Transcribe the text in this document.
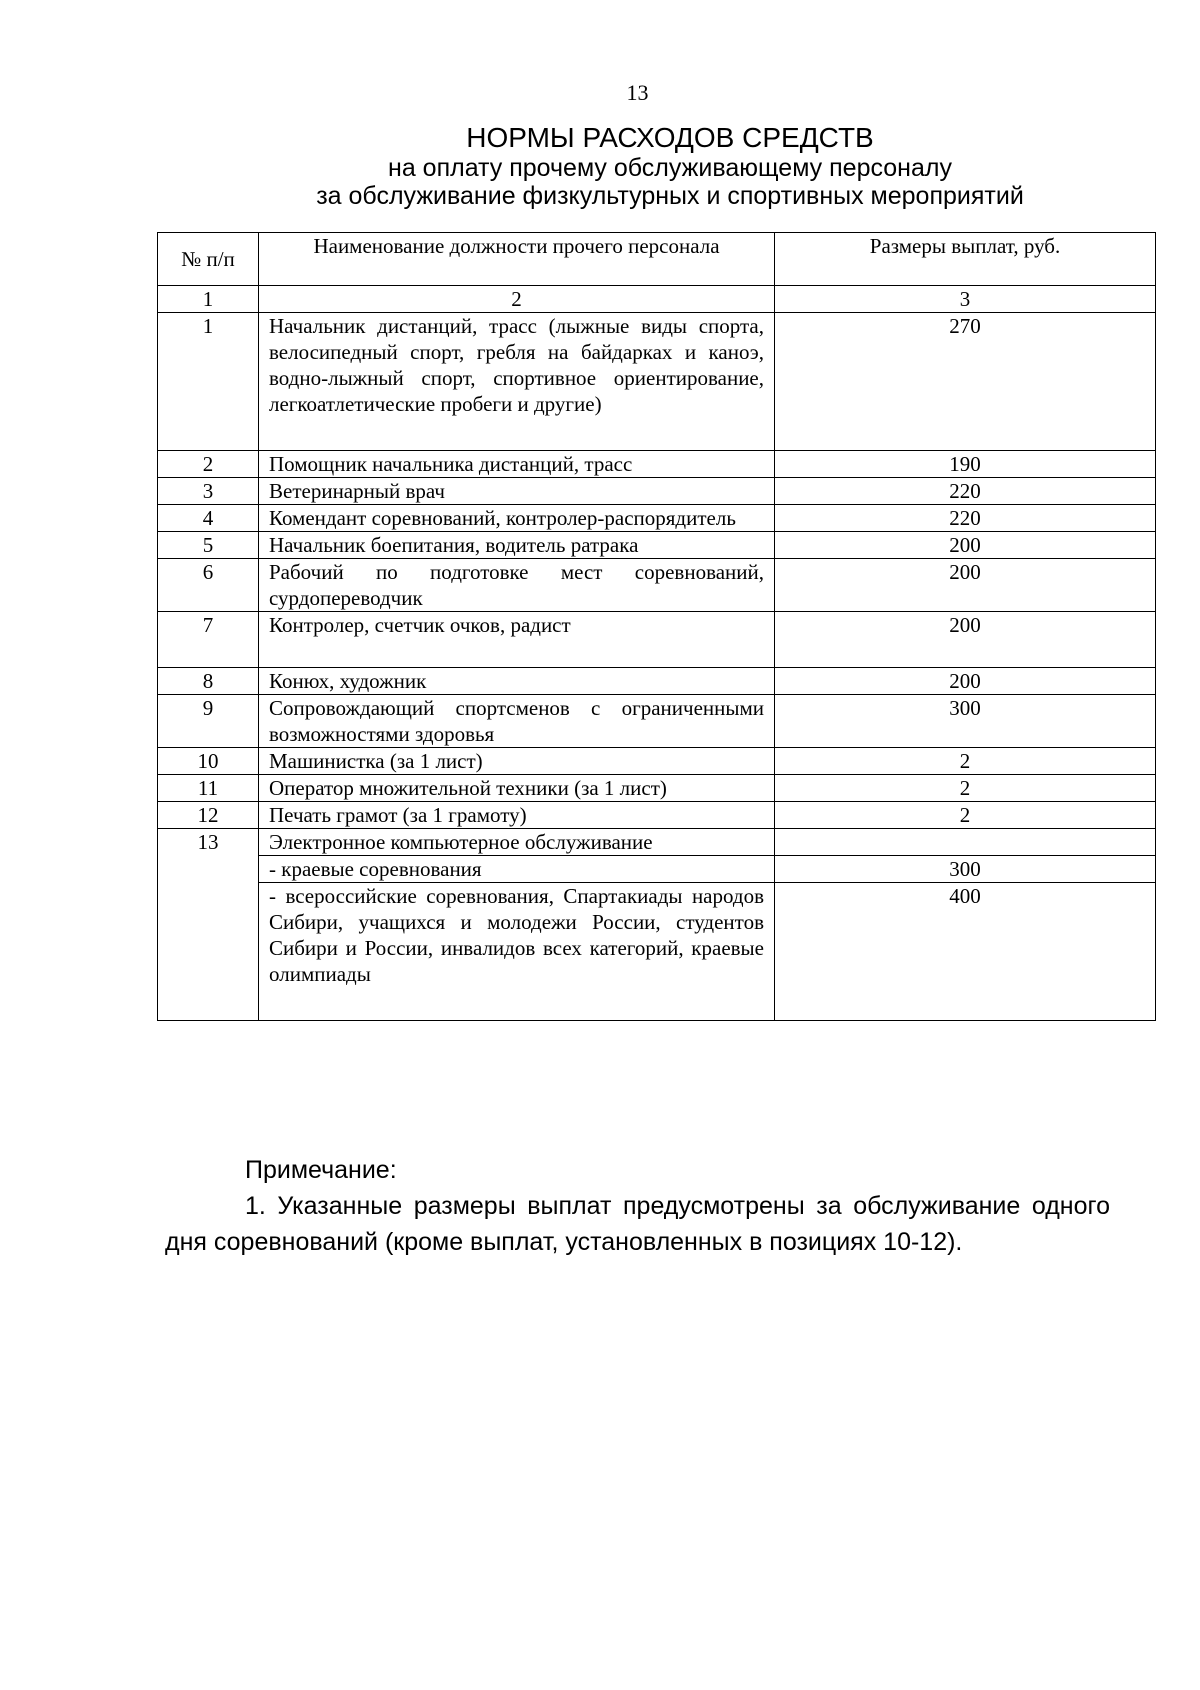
13
НОРМЫ РАСХОДОВ СРЕДСТВ
на оплату прочему обслуживающему персоналу
за обслуживание физкультурных и спортивных мероприятий
№ п/п	Наименование должности прочего персонала	Размеры выплат, руб.
1	2	3
1	Начальник дистанций, трасс (лыжные виды спорта, велосипедный спорт, гребля на байдарках и каноэ, водно-лыжный спорт, спортивное ориентирование, легкоатлетические пробеги и другие)	270
2	Помощник начальника дистанций, трасс	190
3	Ветеринарный врач	220
4	Комендант соревнований, контролер-распорядитель	220
5	Начальник боепитания, водитель ратрака	200
6	Рабочий по подготовке мест соревнований, сурдопереводчик	200
7	Контролер, счетчик очков, радист	200
8	Конюх, художник	200
9	Сопровождающий спортсменов с ограниченными возможностями здоровья	300
10	Машинистка (за 1 лист)	2
11	Оператор множительной техники (за 1 лист)	2
12	Печать грамот (за 1 грамоту)	2
13	Электронное компьютерное обслуживание	
	- краевые соревнования	300
	- всероссийские соревнования, Спартакиады народов Сибири, учащихся и молодежи России, студентов Сибири и России, инвалидов всех категорий, краевые олимпиады	400
Примечание:
1. Указанные размеры выплат предусмотрены за обслуживание одного дня соревнований (кроме выплат, установленных в позициях 10-12).
